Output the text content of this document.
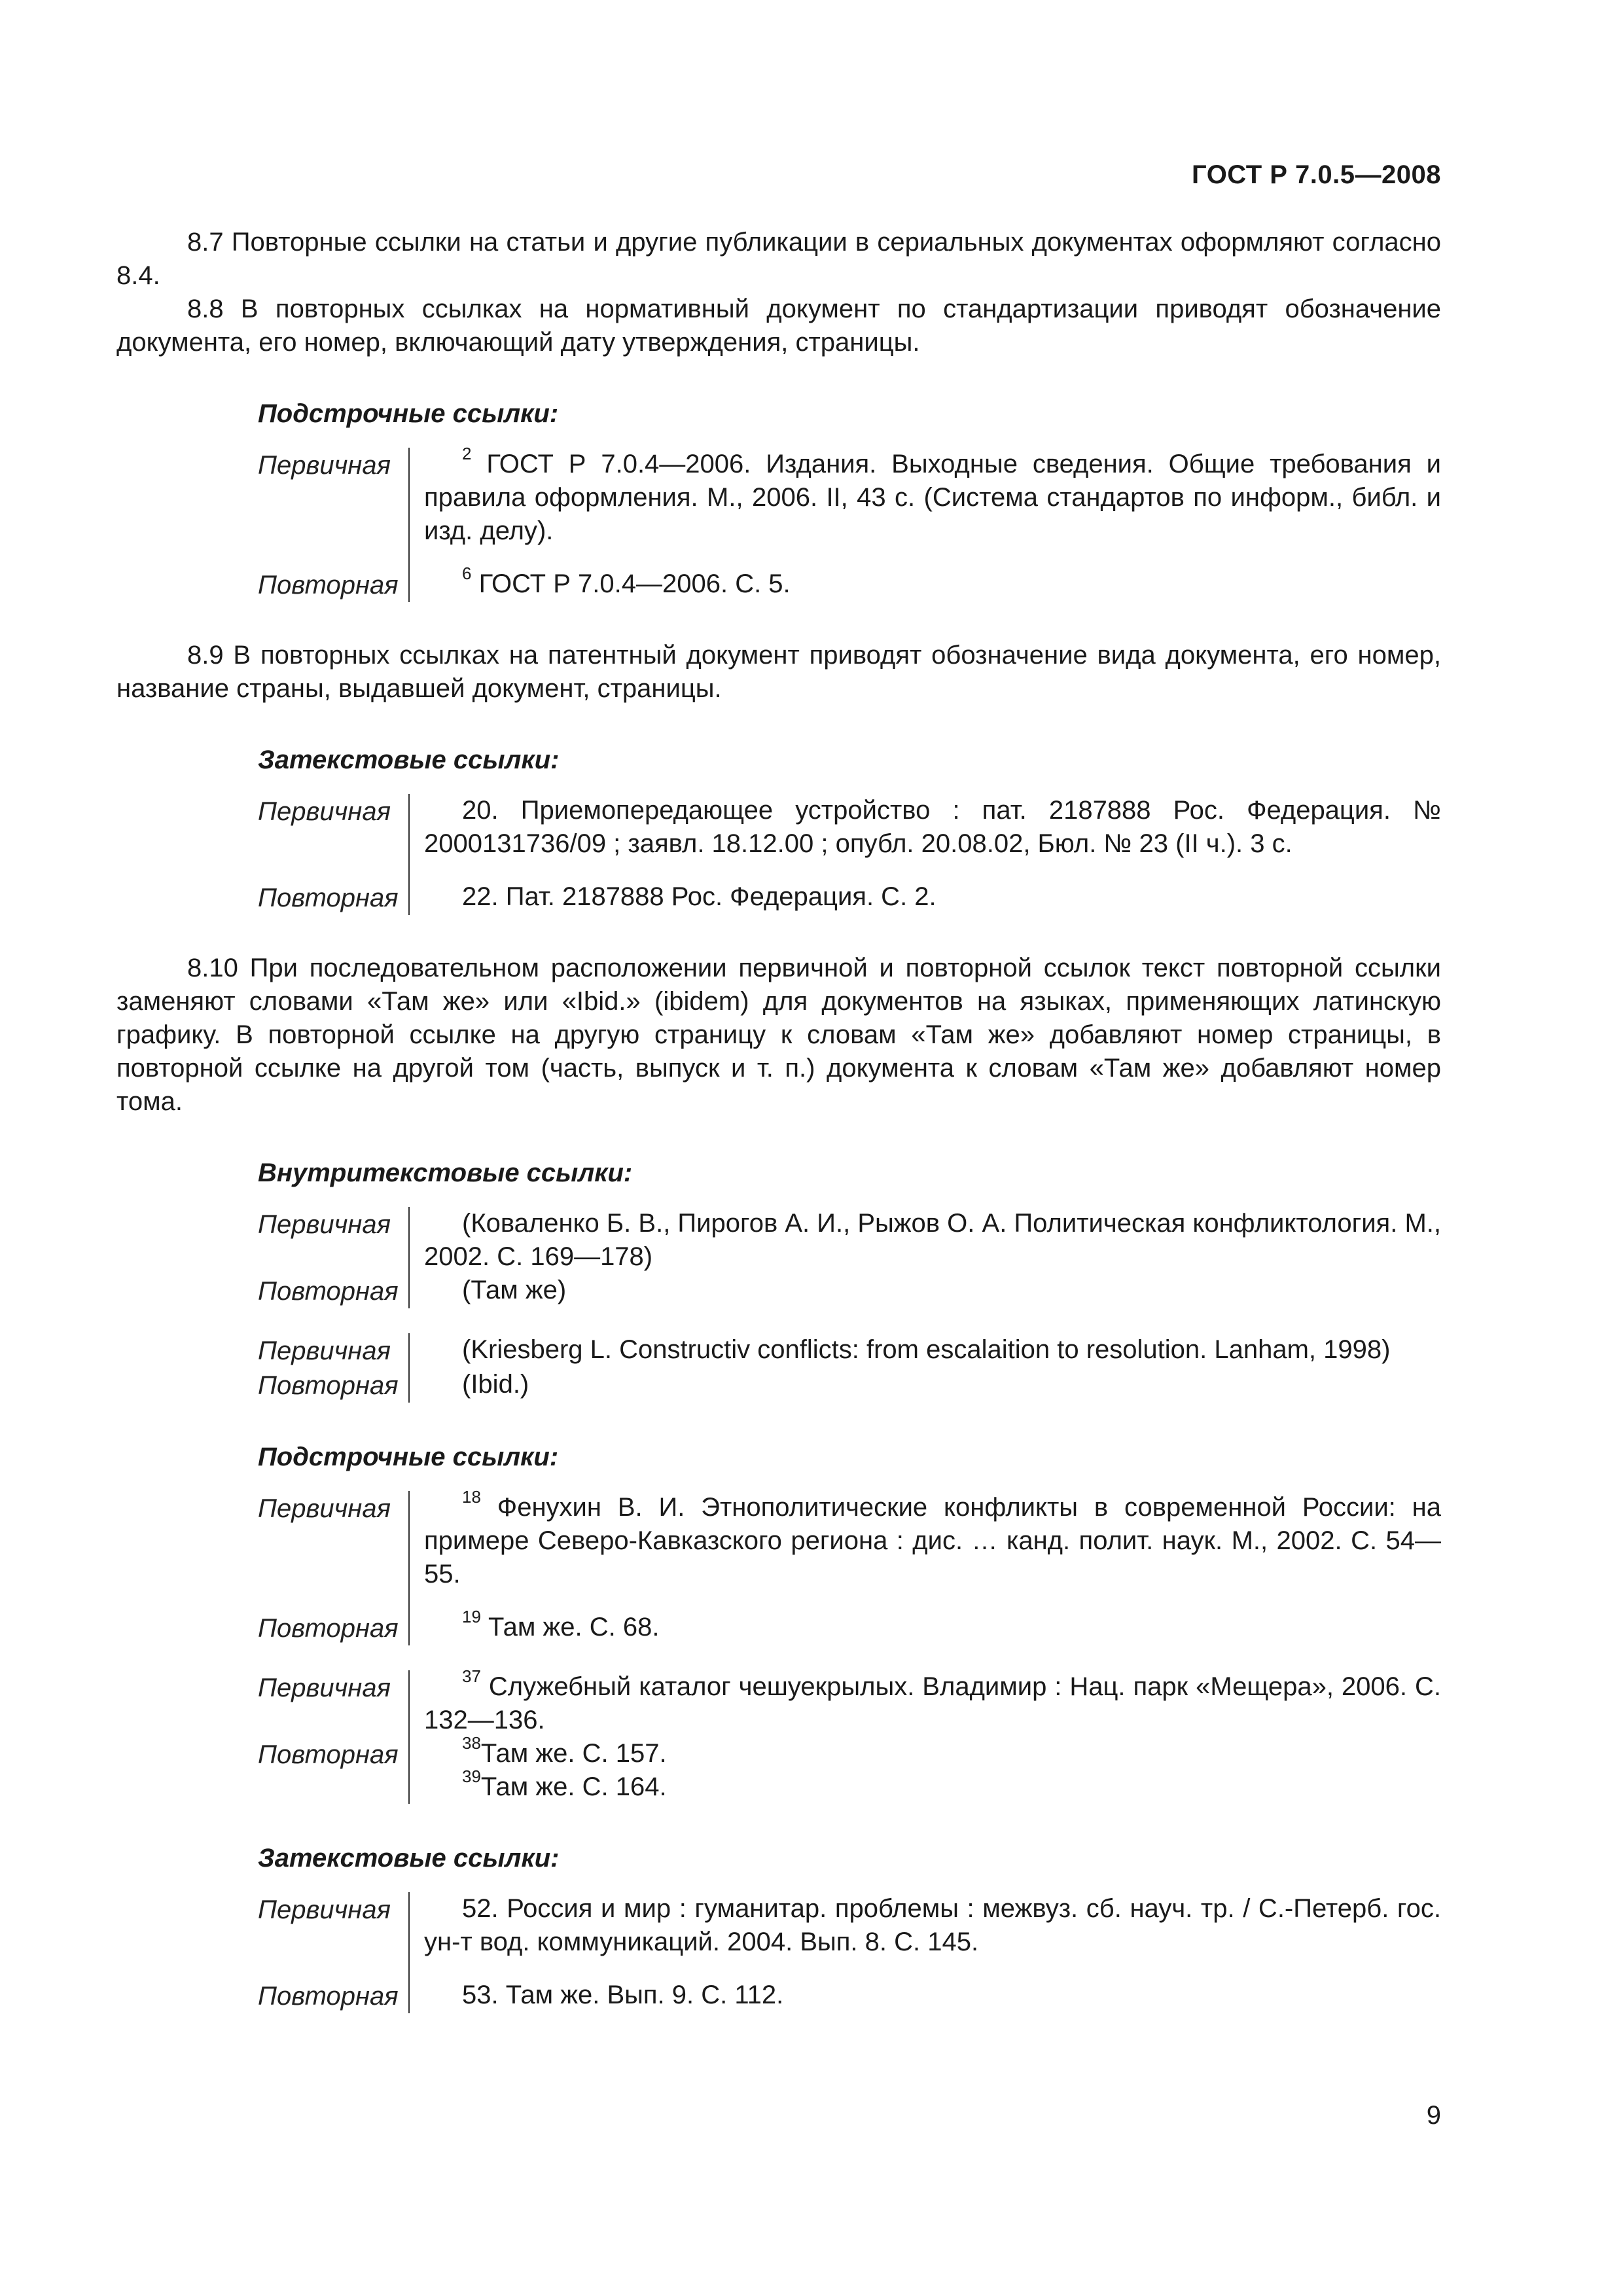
ГОСТ Р 7.0.5—2008

8.7 Повторные ссылки на статьи и другие публикации в сериальных документах оформляют согласно 8.4.

8.8 В повторных ссылках на нормативный документ по стандартизации приводят обозначение документа, его номер, включающий дату утверждения, страницы.

Подстрочные ссылки:
Первичная	$^2$ ГОСТ Р 7.0.4—2006. Издания. Выходные сведения. Общие требования и правила оформления. М., 2006. II, 43 с. (Система стандартов по информ., библ. и изд. делу).
Повторная	$^6$ ГОСТ Р 7.0.4—2006. С. 5.

8.9 В повторных ссылках на патентный документ приводят обозначение вида документа, его номер, название страны, выдавшей документ, страницы.

Затекстовые ссылки:
Первичная	20. Приемопередающее устройство : пат. 2187888 Рос. Федерация. № 2000131736/09 ; заявл. 18.12.00 ; опубл. 20.08.02, Бюл. № 23 (II ч.). 3 с.
Повторная	22. Пат. 2187888 Рос. Федерация. С. 2.

8.10 При последовательном расположении первичной и повторной ссылок текст повторной ссылки заменяют словами «Там же» или «Ibid.» (ibidem) для документов на языках, применяющих латинскую графику. В повторной ссылке на другую страницу к словам «Там же» добавляют номер страницы, в повторной ссылке на другой том (часть, выпуск и т. п.) документа к словам «Там же» добавляют номер тома.

Внутритекстовые ссылки:
Первичная	(Коваленко Б. В., Пирогов А. И., Рыжов О. А. Политическая конфликтология. М., 2002. С. 169—178)
Повторная	(Там же)
Первичная	(Kriesberg L. Constructiv conflicts: from escalaition to resolution. Lanham, 1998)
Повторная	(Ibid.)
Подстрочные ссылки:
Первичная	$^{18}$ Фенухин В. И. Этнополитические конфликты в современной России: на примере Северо-Кавказского региона : дис. … канд. полит. наук. М., 2002. С. 54—55.
Повторная	$^{19}$ Там же. С. 68.
Первичная	$^{37}$ Служебный каталог чешуекрылых. Владимир : Нац. парк «Мещера», 2006. С. 132—136.
Повторная	$^{38}$Там же. С. 157.
$^{39}$Там же. С. 164.
Затекстовые ссылки:
Первичная	52. Россия и мир : гуманитар. проблемы : межвуз. сб. науч. тр. / С.-Петерб. гос. ун-т вод. коммуникаций. 2004. Вып. 8. С. 145.
Повторная	53. Там же. Вып. 9. С. 112.
9
